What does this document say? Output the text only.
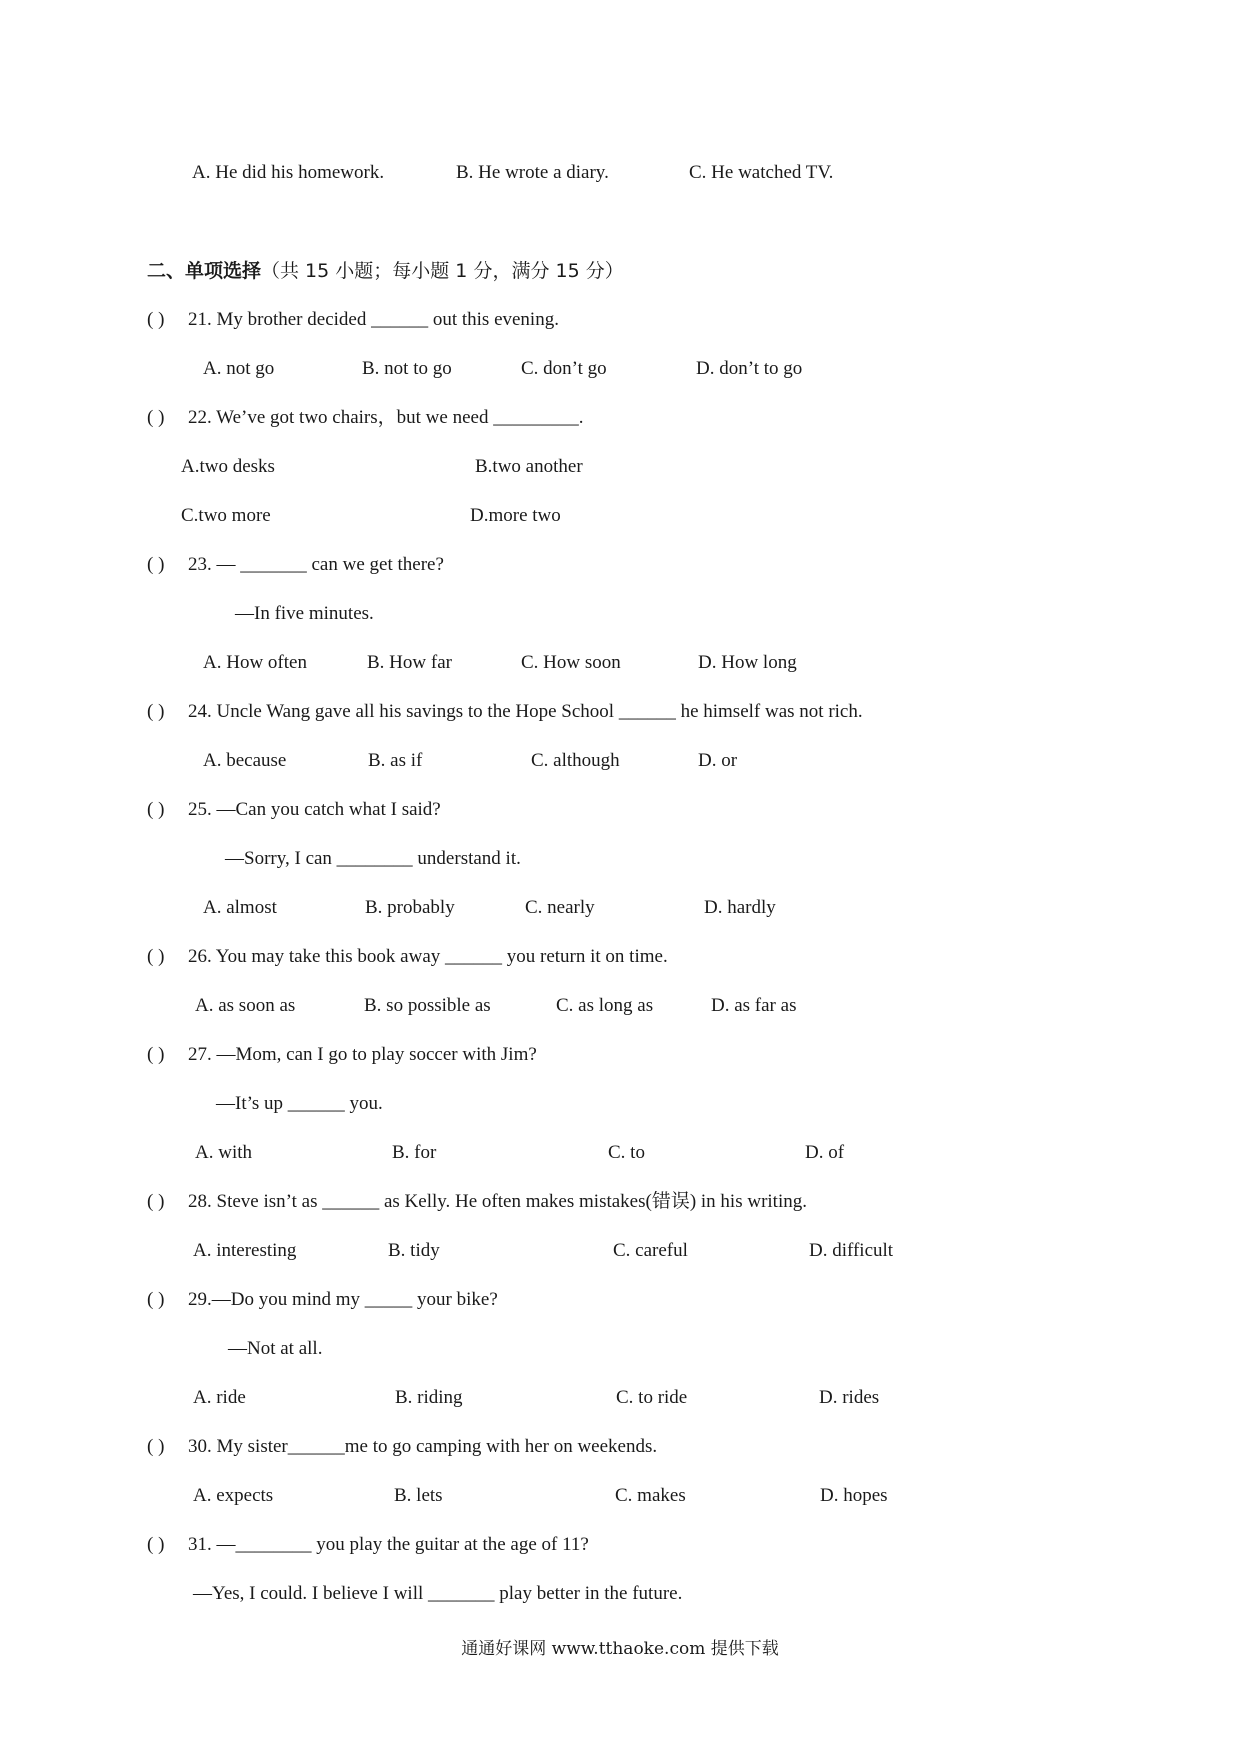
A. He did his homework.	B. He wrote a diary.	C. He watched TV.
二、单项选择（共 15 小题；每小题 1 分，满分 15 分）
( ) 21. My brother decided ______ out this evening.
A. not go	B. not to go	C. don’t go	D. don’t to go
( ) 22. We’ve got two chairs，but we need _________.
A.two desks	B.two another
C.two more	D.more two
( ) 23. — _______ can we get there?
—In five minutes.
A. How often	B. How far	C. How soon	D. How long
( ) 24. Uncle Wang gave all his savings to the Hope School ______ he himself was not rich.
A. because	B. as if	C. although	D. or
( ) 25. —Can you catch what I said?
—Sorry, I can ________ understand it.
A. almost	B. probably	C. nearly	D. hardly
( ) 26. You may take this book away ______ you return it on time.
A. as soon as	B. so possible as	C. as long as	D. as far as
( ) 27. —Mom, can I go to play soccer with Jim?
—It’s up ______ you.
A. with	B. for	C. to	D. of
( ) 28. Steve isn’t as ______ as Kelly. He often makes mistakes(错误) in his writing.
A. interesting	B. tidy	C. careful	D. difficult
( ) 29.—Do you mind my _____ your bike?
—Not at all.
A. ride	B. riding	C. to ride	D. rides
( ) 30. My sister______me to go camping with her on weekends.
A. expects	B. lets	C. makes	D. hopes
( ) 31. —________ you play the guitar at the age of 11?
—Yes, I could. I believe I will _______ play better in the future.
通通好课网 www.tthaoke.com 提供下载
